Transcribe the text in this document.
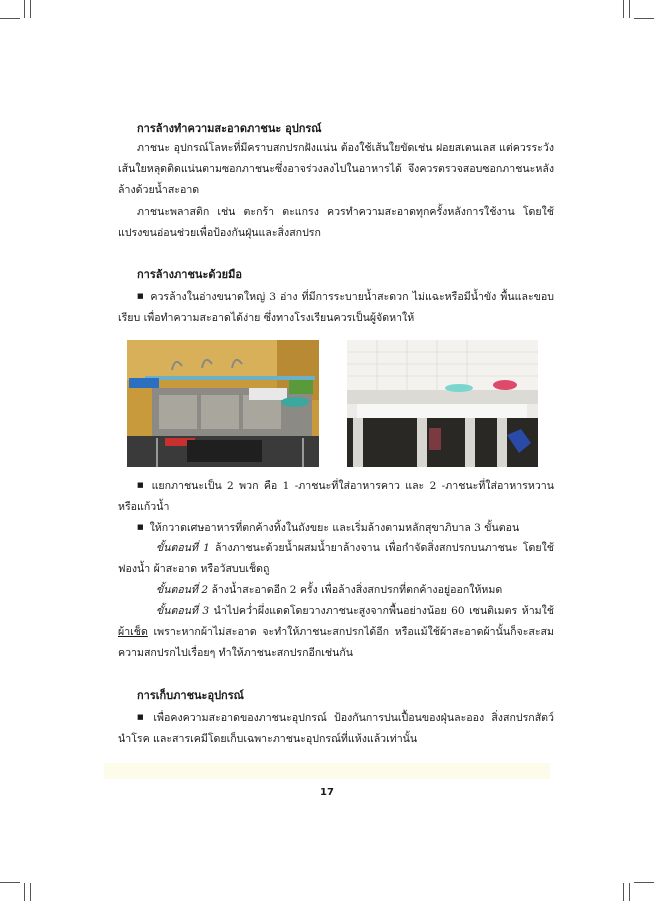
การล้างทำความสะอาดภาชนะ อุปกรณ์
ภาชนะ อุปกรณ์โลหะที่มีคราบสกปรกฝังแน่น ต้องใช้เส้นใยขัดเช่น ฝอยสเตนเลส แต่ควรระวังเส้นใยหลุดติดแน่นตามซอกภาชนะซึ่งอาจร่วงลงไปในอาหารได้ จึงควรตรวจสอบซอกภาชนะหลังล้างด้วยน้ำสะอาด
ภาชนะพลาสติก เช่น ตะกร้า ตะแกรง ควรทำความสะอาดทุกครั้งหลังการใช้งาน โดยใช้แปรงขนอ่อนช่วยเพื่อป้องกันฝุ่นและสิ่งสกปรก
การล้างภาชนะด้วยมือ
■ ควรล้างในอ่างขนาดใหญ่ 3 อ่าง ที่มีการระบายน้ำสะดวก ไม่แฉะหรือมีน้ำขัง พื้นและขอบเรียบ เพื่อทำความสะอาดได้ง่าย ซึ่งทางโรงเรียนควรเป็นผู้จัดหาให้
■ แยกภาชนะเป็น 2 พวก คือ 1 -ภาชนะที่ใส่อาหารคาว และ 2 -ภาชนะที่ใส่อาหารหวานหรือแก้วน้ำ
■ ให้กวาดเศษอาหารที่ตกค้างทิ้งในถังขยะ และเริ่มล้างตามหลักสุขาภิบาล 3 ขั้นตอน
ขั้นตอนที่ 1 ล้างภาชนะด้วยน้ำผสมน้ำยาล้างจาน เพื่อกำจัดสิ่งสกปรกบนภาชนะ โดยใช้ฟองน้ำ ผ้าสะอาด หรือวัสบบเช็ดถู
ขั้นตอนที่ 2 ล้างน้ำสะอาดอีก 2 ครั้ง เพื่อล้างสิ่งสกปรกที่ตกค้างอยู่ออกให้หมด
ขั้นตอนที่ 3 นำไปคว่ำผึ่งแดดโดยวางภาชนะสูงจากพื้นอย่างน้อย 60 เซนติเมตร ห้ามใช้ ผ้าเช็ด เพราะหากผ้าไม่สะอาด จะทำให้ภาชนะสกปรกได้อีก หรือแม้ใช้ผ้าสะอาดผ้านั้นก็จะสะสมความสกปรกไปเรื่อยๆ ทำให้ภาชนะสกปรกอีกเช่นกัน
การเก็บภาชนะอุปกรณ์
■ เพื่อคงความสะอาดของภาชนะอุปกรณ์ ป้องกันการปนเปื้อนของฝุ่นละออง สิ่งสกปรกสัตว์นำโรค และสารเคมีโดยเก็บเฉพาะภาชนะอุปกรณ์ที่แห้งแล้วเท่านั้น
17
